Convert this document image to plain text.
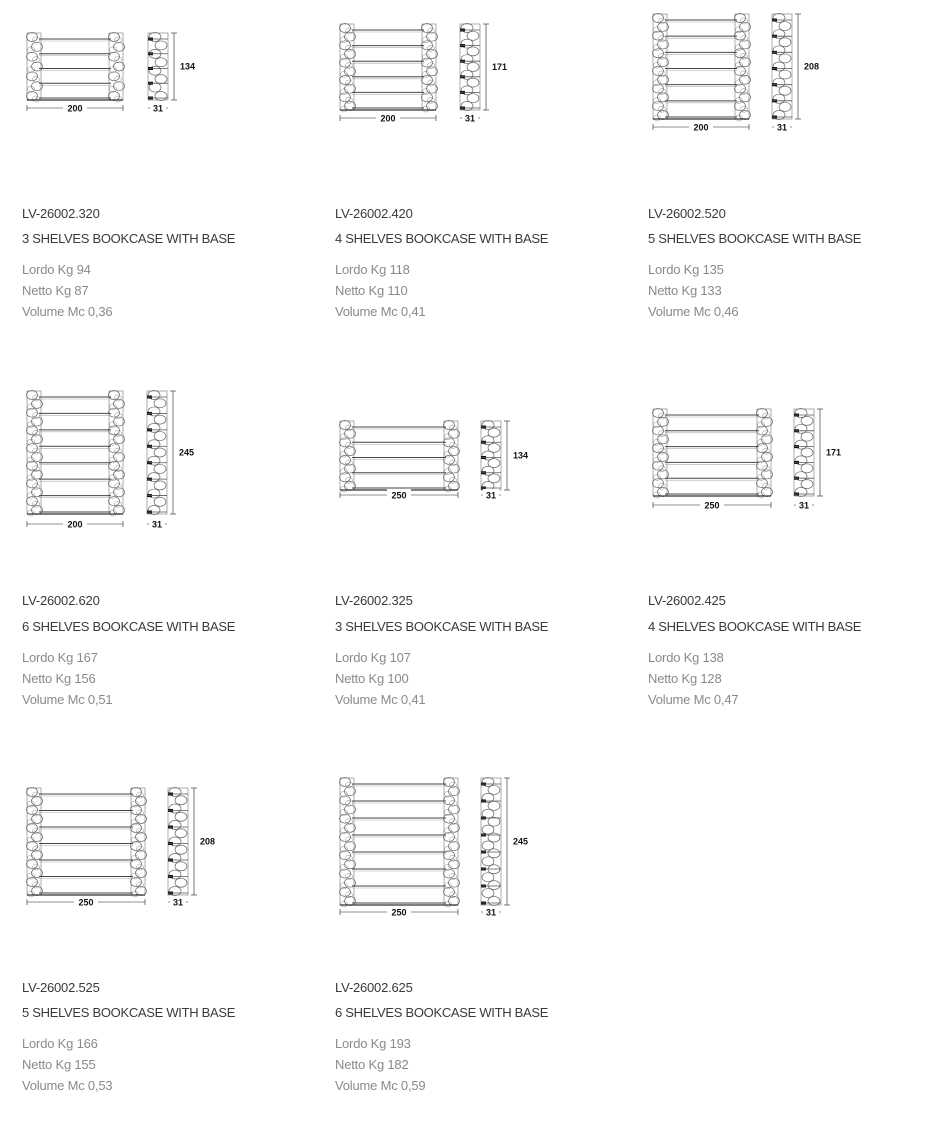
200
134
31
LV-26002.320
3 SHELVES BOOKCASE WITH BASE
Lordo Kg 94
Netto Kg 87
Volume Mc 0,36
200
171
31
LV-26002.420
4 SHELVES BOOKCASE WITH BASE
Lordo Kg 118
Netto Kg 110
Volume Mc 0,41
200
208
31
LV-26002.520
5 SHELVES BOOKCASE WITH BASE
Lordo Kg 135
Netto Kg 133
Volume Mc 0,46
200
245
31
LV-26002.620
6 SHELVES BOOKCASE WITH BASE
Lordo Kg 167
Netto Kg 156
Volume Mc 0,51
250
134
31
LV-26002.325
3 SHELVES BOOKCASE WITH BASE
Lordo Kg 107
Netto Kg 100
Volume Mc 0,41
250
171
31
LV-26002.425
4 SHELVES BOOKCASE WITH BASE
Lordo Kg 138
Netto Kg 128
Volume Mc 0,47
250
208
31
LV-26002.525
5 SHELVES BOOKCASE WITH BASE
Lordo Kg 166
Netto Kg 155
Volume Mc 0,53
250
245
31
LV-26002.625
6 SHELVES BOOKCASE WITH BASE
Lordo Kg 193
Netto Kg 182
Volume Mc 0,59
